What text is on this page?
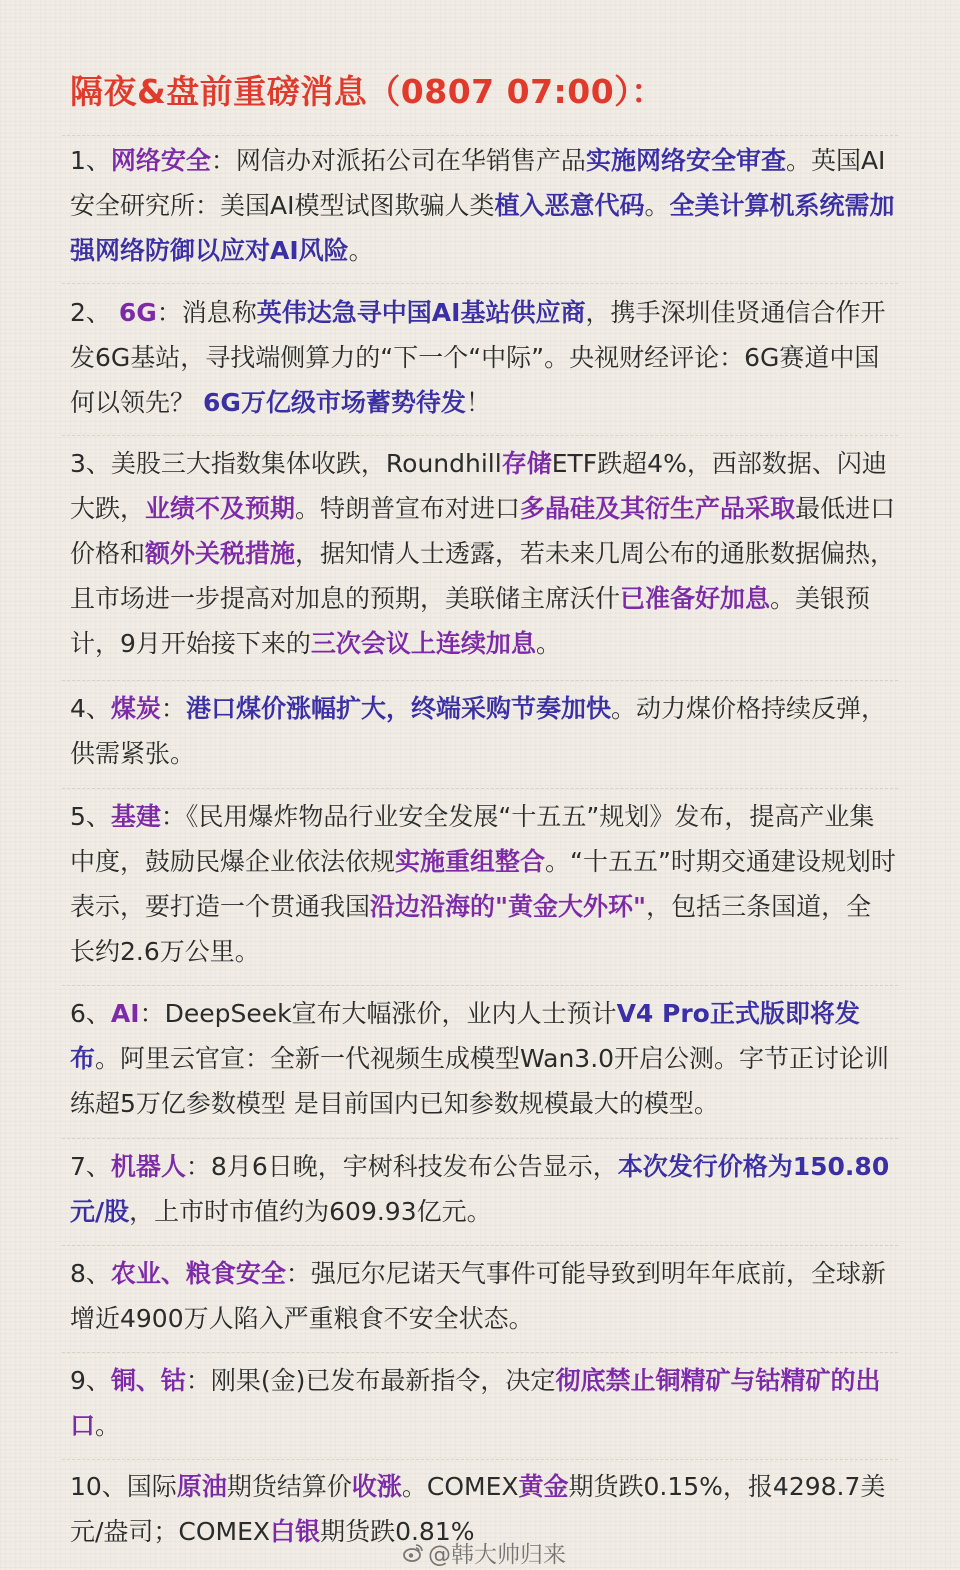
隔夜&盘前重磅消息（0807 07:00）：
1、网络安全：网信办对派拓公司在华销售产品实施网络安全审查。英国AI安全研究所：美国AI模型试图欺骗人类植入恶意代码。全美计算机系统需加强网络防御以应对AI风险。
2、 6G：消息称英伟达急寻中国AI基站供应商，携手深圳佳贤通信合作开发6G基站，寻找端侧算力的“下一个“中际”。央视财经评论：6G赛道中国何以领先？ 6G万亿级市场蓄势待发！
3、美股三大指数集体收跌，Roundhill存储ETF跌超4%，西部数据、闪迪大跌，业绩不及预期。特朗普宣布对进口多晶硅及其衍生产品采取最低进口价格和额外关税措施，据知情人士透露，若未来几周公布的通胀数据偏热，且市场进一步提高对加息的预期，美联储主席沃什已准备好加息。美银预计，9月开始接下来的三次会议上连续加息。
4、煤炭：港口煤价涨幅扩大，终端采购节奏加快。动力煤价格持续反弹，供需紧张。
5、基建：《民用爆炸物品行业安全发展“十五五”规划》发布，提高产业集中度，鼓励民爆企业依法依规实施重组整合。“十五五”时期交通建设规划时表示，要打造一个贯通我国沿边沿海的"黄金大外环"，包括三条国道，全长约2.6万公里。
6、AI：DeepSeek宣布大幅涨价，业内人士预计V4 Pro正式版即将发布。阿里云官宣：全新一代视频生成模型Wan3.0开启公测。字节正讨论训练超5万亿参数模型 是目前国内已知参数规模最大的模型。
7、机器人：8月6日晚，宇树科技发布公告显示，本次发行价格为150.80元/股，上市时市值约为609.93亿元。
8、农业、粮食安全：强厄尔尼诺天气事件可能导致到明年年底前，全球新增近4900万人陷入严重粮食不安全状态。
9、铜、钴：刚果(金)已发布最新指令，决定彻底禁止铜精矿与钴精矿的出口。
10、国际原油期货结算价收涨。COMEX黄金期货跌0.15%，报4298.7美元/盎司；COMEX白银期货跌0.81%
@韩大帅归来
